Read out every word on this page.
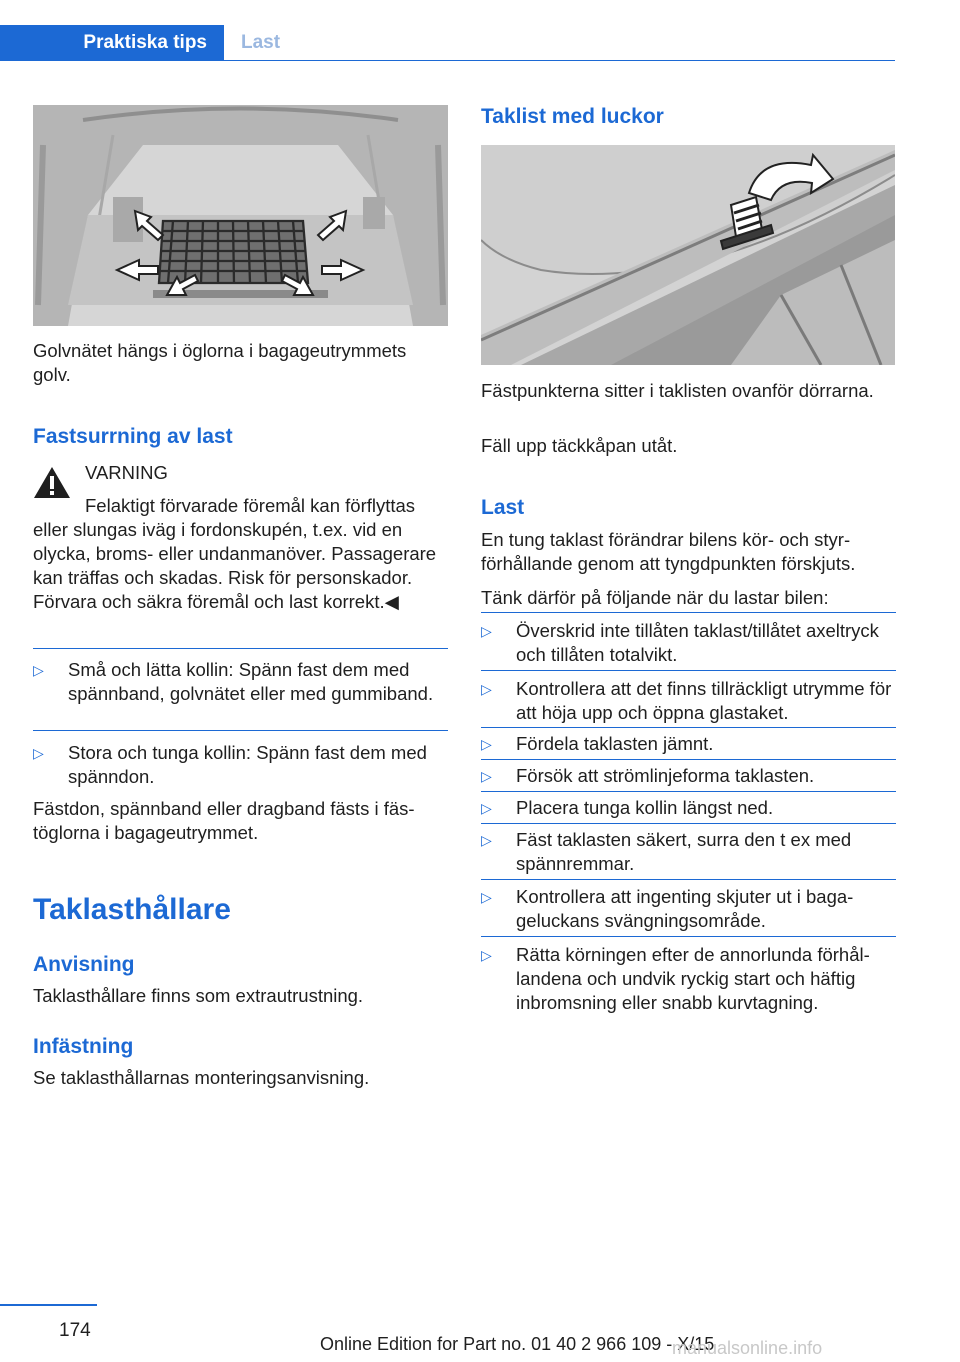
Praktiska tips	Last

Golvnätet hängs i öglorna i bagageutrymmets golv.

Fastsurrning av last

VARNING

Felaktigt förvarade föremål kan förflyttas

eller slungas iväg i fordonskupén, t.ex. vid en olycka, broms- eller undanmanöver. Passagerare kan träffas och skadas. Risk för personskador. Förvara och säkra föremål och last korrekt.◀

▷ Små och lätta kollin: Spänn fast dem med spännband, golvnätet eller med gummiband.
▷ Stora och tunga kollin: Spänn fast dem med spänndon.

Fästdon, spännband eller dragband fästs i fästöglorna i bagageutrymmet.

Taklasthållare
Anvisning

Taklasthållare finns som extrautrustning.

Infästning

Se taklasthållarnas monteringsanvisning.

Taklist med luckor

Fästpunkterna sitter i taklisten ovanför dörrarna.

Fäll upp täckkåpan utåt.

Last

En tung taklast förändrar bilens kör- och styrförhållande genom att tyngdpunkten förskjuts.

Tänk därför på följande när du lastar bilen:

▷ Överskrid inte tillåten taklast/tillåtet axeltryck och tillåten totalvikt.
▷ Kontrollera att det finns tillräckligt utrymme för att höja upp och öppna glastaket.
▷ Fördela taklasten jämnt.
▷ Försök att strömlinjeforma taklasten.
▷ Placera tunga kollin längst ned.
▷ Fäst taklasten säkert, surra den t ex med spännremmar.
▷ Kontrollera att ingenting skjuter ut i bagageluckans svängningsområde.
▷ Rätta körningen efter de annorlunda förhållandena och undvik ryckig start och häftig inbromsning eller snabb kurvtagning.
174
Online Edition for Part no. 01 40 2 966 109 - X/15
manualsonline.info
